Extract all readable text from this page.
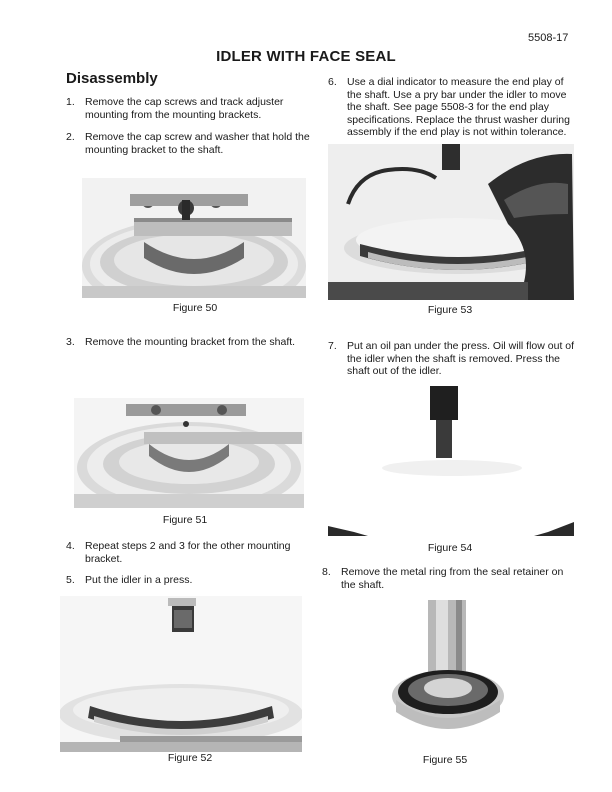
5508-17
IDLER WITH FACE SEAL
Disassembly
1. Remove the cap screws and track adjuster mounting from the mounting brackets.
2. Remove the cap screw and washer that hold the mounting bracket to the shaft.
Figure 50
3. Remove the mounting bracket from the shaft.
Figure 51
4. Repeat steps 2 and 3 for the other mounting bracket.
5. Put the idler in a press.
Figure 52
6. Use a dial indicator to measure the end play of the shaft. Use a pry bar under the idler to move the shaft. See page 5508-3 for the end play specifications. Replace the thrust washer during assembly if the end play is not within tolerance.
Figure 53
7. Put an oil pan under the press. Oil will flow out of the idler when the shaft is removed. Press the shaft out of the idler.
Figure 54
8. Remove the metal ring from the seal retainer on the shaft.
Figure 55
